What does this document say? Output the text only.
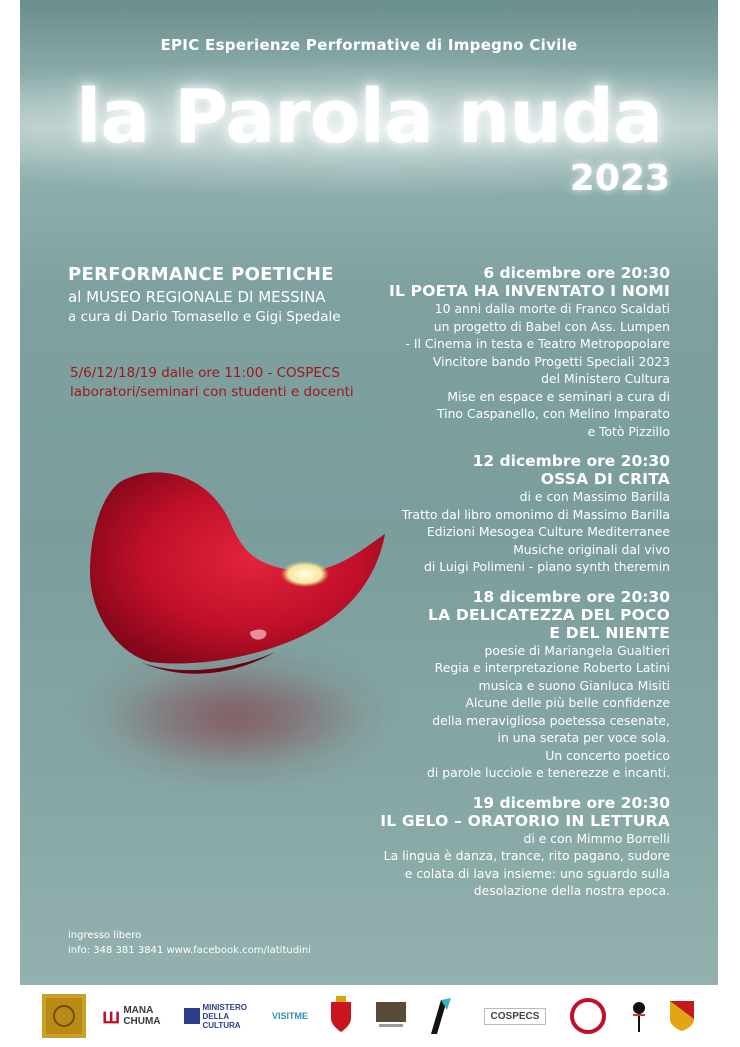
EPIC Esperienze Performative di Impegno Civile
la Parola nuda
2023
PERFORMANCE POETICHE
al MUSEO REGIONALE DI MESSINA
a cura di Dario Tomasello e Gigi Spedale
5/6/12/18/19 dalle ore 11:00 - COSPECS
laboratori/seminari con studenti e docenti
6 dicembre ore 20:30
IL POETA HA INVENTATO I NOMI
10 anni dalla morte di Franco Scaldati
un progetto di Babel con Ass. Lumpen
- Il Cinema in testa e Teatro Metropopolare
Vincitore bando Progetti Speciali 2023
del Ministero Cultura
Mise en espace e seminari a cura di
Tino Caspanello, con Melino Imparato
e Totò Pizzillo
12 dicembre ore 20:30
OSSA DI CRITA
di e con Massimo Barilla
Tratto dal libro omonimo di Massimo Barilla
Edizioni Mesogea Culture Mediterranee
Musiche originali dal vivo
di Luigi Polimeni - piano synth theremin
18 dicembre ore 20:30
LA DELICATEZZA DEL POCO
E DEL NIENTE
poesie di Mariangela Gualtieri
Regia e interpretazione Roberto Latini
musica e suono Gianluca Misiti
Alcune delle più belle confidenze
della meravigliosa poetessa cesenate,
in una serata per voce sola.
Un concerto poetico
di parole lucciole e tenerezze e incanti.
19 dicembre ore 20:30
IL GELO – ORATORIO IN LETTURA
di e con Mimmo Borrelli
La lingua è danza, trance, rito pagano, sudore
e colata di lava insieme: uno sguardo sulla
desolazione della nostra epoca.
ingresso libero
info: 348 381 3841 www.facebook.com/latitudini
ꟺ MANA CHUMA
MINISTERO DELLA CULTURA
VISITME	COSPECS
